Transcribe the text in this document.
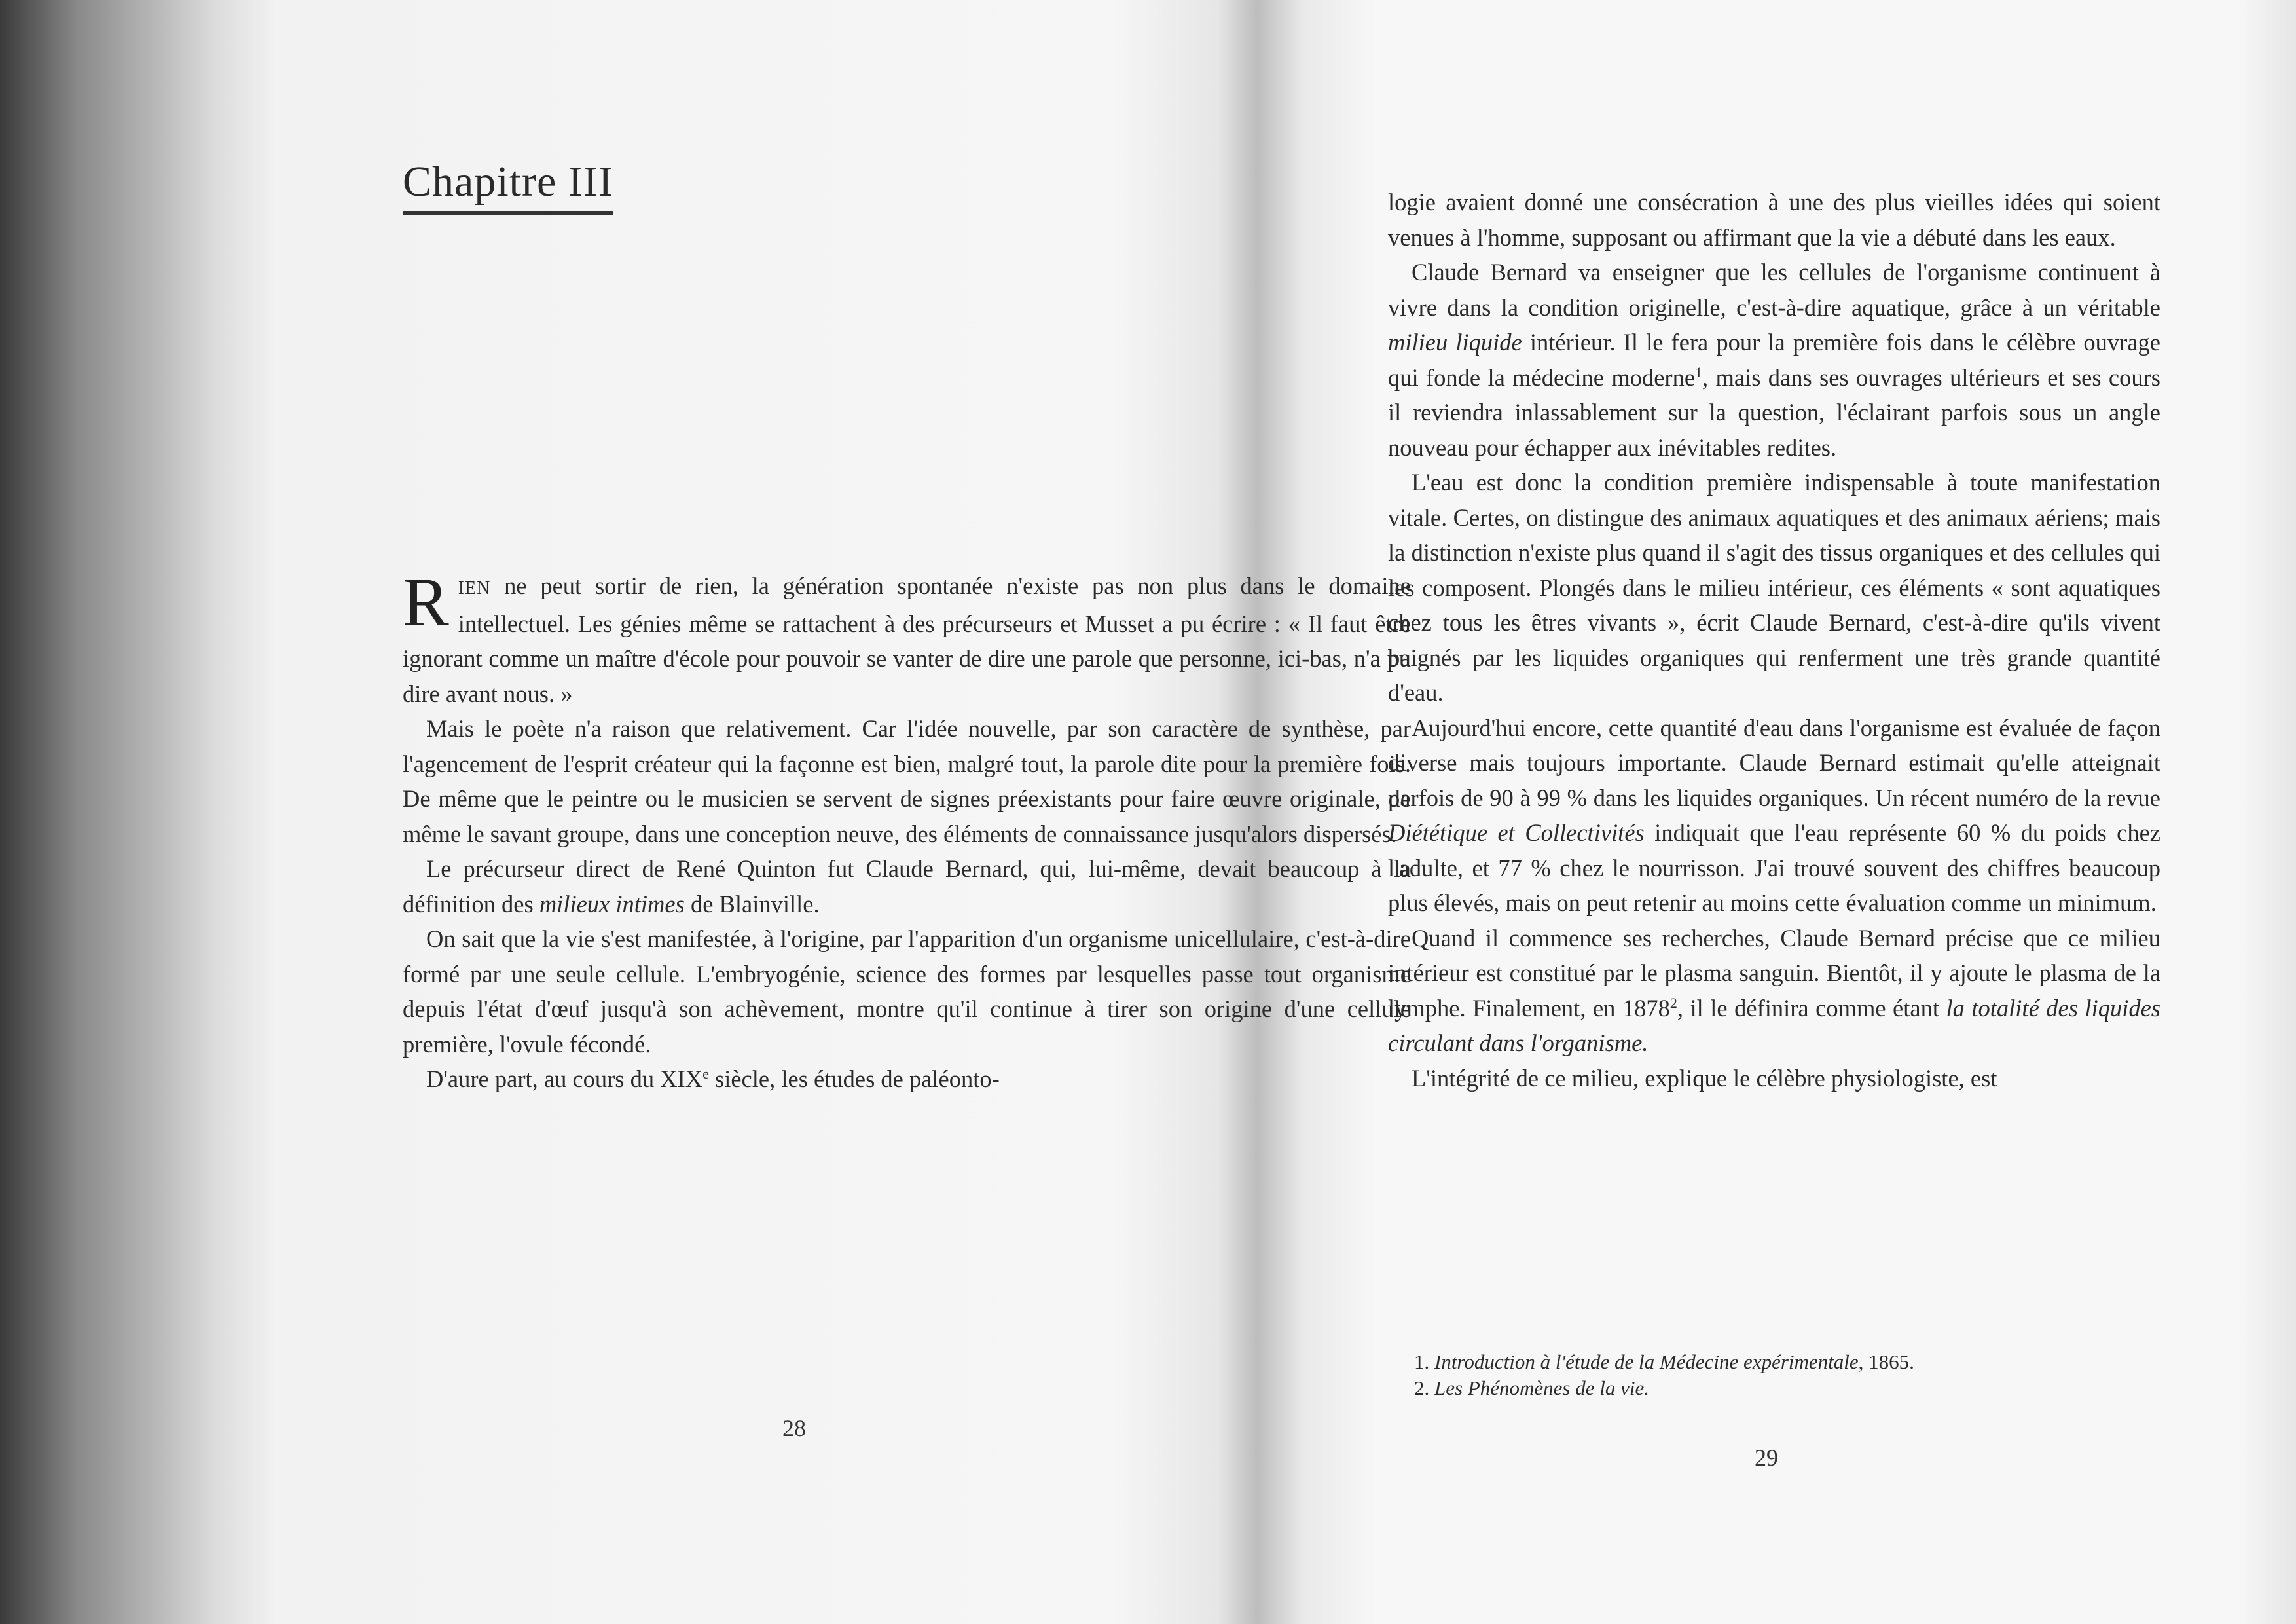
Chapitre III

RIEN ne peut sortir de rien, la génération spontanée n'existe pas non plus dans le domaine intellectuel. Les génies même se rattachent à des précurseurs et Musset a pu écrire : « Il faut être ignorant comme un maître d'école pour pouvoir se vanter de dire une parole que personne, ici-bas, n'a pu dire avant nous. »

Mais le poète n'a raison que relativement. Car l'idée nouvelle, par son caractère de synthèse, par l'agencement de l'esprit créateur qui la façonne est bien, malgré tout, la parole dite pour la première fois. De même que le peintre ou le musicien se servent de signes préexistants pour faire œuvre originale, de même le savant groupe, dans une conception neuve, des éléments de connaissance jusqu'alors dispersés.

Le précurseur direct de René Quinton fut Claude Bernard, qui, lui-même, devait beaucoup à la définition des milieux intimes de Blainville.

On sait que la vie s'est manifestée, à l'origine, par l'apparition d'un organisme unicellulaire, c'est-à-dire formé par une seule cellule. L'embryogénie, science des formes par lesquelles passe tout organisme depuis l'état d'œuf jusqu'à son achèvement, montre qu'il continue à tirer son origine d'une cellule première, l'ovule fécondé.

D'aure part, au cours du XIXe siècle, les études de paléonto-

28

logie avaient donné une consécration à une des plus vieilles idées qui soient venues à l'homme, supposant ou affirmant que la vie a débuté dans les eaux.

Claude Bernard va enseigner que les cellules de l'organisme continuent à vivre dans la condition originelle, c'est-à-dire aquatique, grâce à un véritable milieu liquide intérieur. Il le fera pour la première fois dans le célèbre ouvrage qui fonde la médecine moderne$^1$, mais dans ses ouvrages ultérieurs et ses cours il reviendra inlassablement sur la question, l'éclairant parfois sous un angle nouveau pour échapper aux inévitables redites.

L'eau est donc la condition première indispensable à toute manifestation vitale. Certes, on distingue des animaux aquatiques et des animaux aériens; mais la distinction n'existe plus quand il s'agit des tissus organiques et des cellules qui les composent. Plongés dans le milieu intérieur, ces éléments « sont aquatiques chez tous les êtres vivants », écrit Claude Bernard, c'est-à-dire qu'ils vivent baignés par les liquides organiques qui renferment une très grande quantité d'eau.

Aujourd'hui encore, cette quantité d'eau dans l'organisme est évaluée de façon diverse mais toujours importante. Claude Bernard estimait qu'elle atteignait parfois de 90 à 99 % dans les liquides organiques. Un récent numéro de la revue Diététique et Collectivités indiquait que l'eau représente 60 % du poids chez l'adulte, et 77 % chez le nourrisson. J'ai trouvé souvent des chiffres beaucoup plus élevés, mais on peut retenir au moins cette évaluation comme un minimum.

Quand il commence ses recherches, Claude Bernard précise que ce milieu intérieur est constitué par le plasma sanguin. Bientôt, il y ajoute le plasma de la lymphe. Finalement, en 1878$^2$, il le définira comme étant la totalité des liquides circulant dans l'organisme.

L'intégrité de ce milieu, explique le célèbre physiologiste, est

1. Introduction à l'étude de la Médecine expérimentale, 1865.

2. Les Phénomènes de la vie.

29
